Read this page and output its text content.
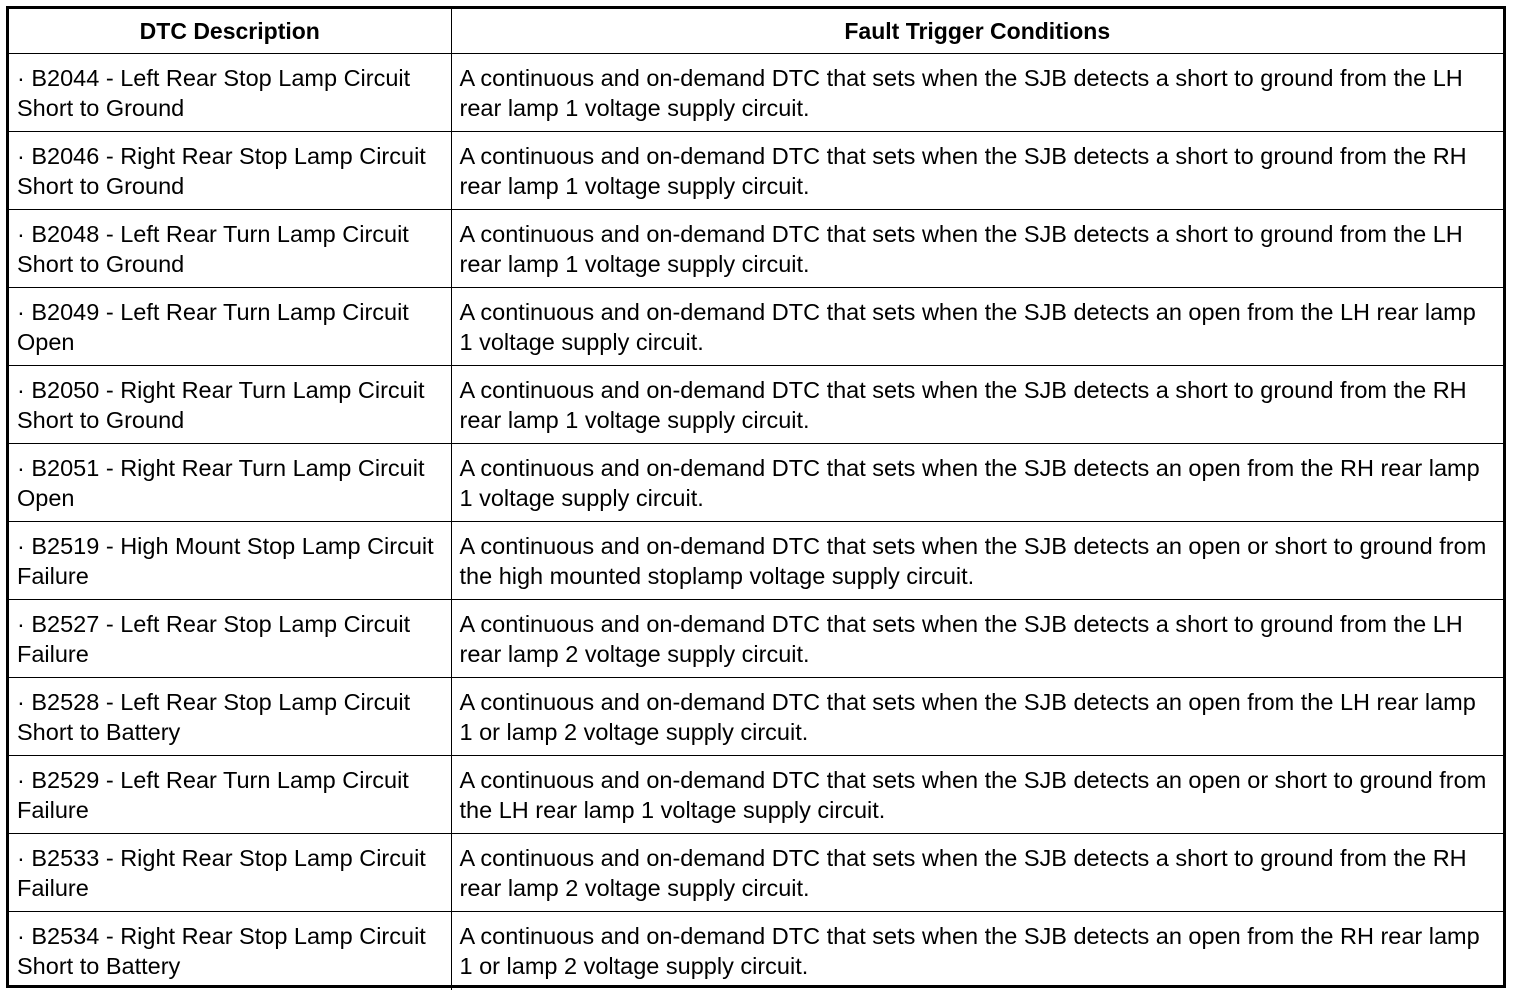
DTC Description	Fault Trigger Conditions
· B2044 - Left Rear Stop Lamp Circuit Short to Ground	A continuous and on-demand DTC that sets when the SJB detects a short to ground from the LH rear lamp 1 voltage supply circuit.
· B2046 - Right Rear Stop Lamp Circuit Short to Ground	A continuous and on-demand DTC that sets when the SJB detects a short to ground from the RH rear lamp 1 voltage supply circuit.
· B2048 - Left Rear Turn Lamp Circuit Short to Ground	A continuous and on-demand DTC that sets when the SJB detects a short to ground from the LH rear lamp 1 voltage supply circuit.
· B2049 - Left Rear Turn Lamp Circuit Open	A continuous and on-demand DTC that sets when the SJB detects an open from the LH rear lamp 1 voltage supply circuit.
· B2050 - Right Rear Turn Lamp Circuit Short to Ground	A continuous and on-demand DTC that sets when the SJB detects a short to ground from the RH rear lamp 1 voltage supply circuit.
· B2051 - Right Rear Turn Lamp Circuit Open	A continuous and on-demand DTC that sets when the SJB detects an open from the RH rear lamp 1 voltage supply circuit.
· B2519 - High Mount Stop Lamp Circuit Failure	A continuous and on-demand DTC that sets when the SJB detects an open or short to ground from the high mounted stoplamp voltage supply circuit.
· B2527 - Left Rear Stop Lamp Circuit Failure	A continuous and on-demand DTC that sets when the SJB detects a short to ground from the LH rear lamp 2 voltage supply circuit.
· B2528 - Left Rear Stop Lamp Circuit Short to Battery	A continuous and on-demand DTC that sets when the SJB detects an open from the LH rear lamp 1 or lamp 2 voltage supply circuit.
· B2529 - Left Rear Turn Lamp Circuit Failure	A continuous and on-demand DTC that sets when the SJB detects an open or short to ground from the LH rear lamp 1 voltage supply circuit.
· B2533 - Right Rear Stop Lamp Circuit Failure	A continuous and on-demand DTC that sets when the SJB detects a short to ground from the RH rear lamp 2 voltage supply circuit.
· B2534 - Right Rear Stop Lamp Circuit Short to Battery	A continuous and on-demand DTC that sets when the SJB detects an open from the RH rear lamp 1 or lamp 2 voltage supply circuit.
